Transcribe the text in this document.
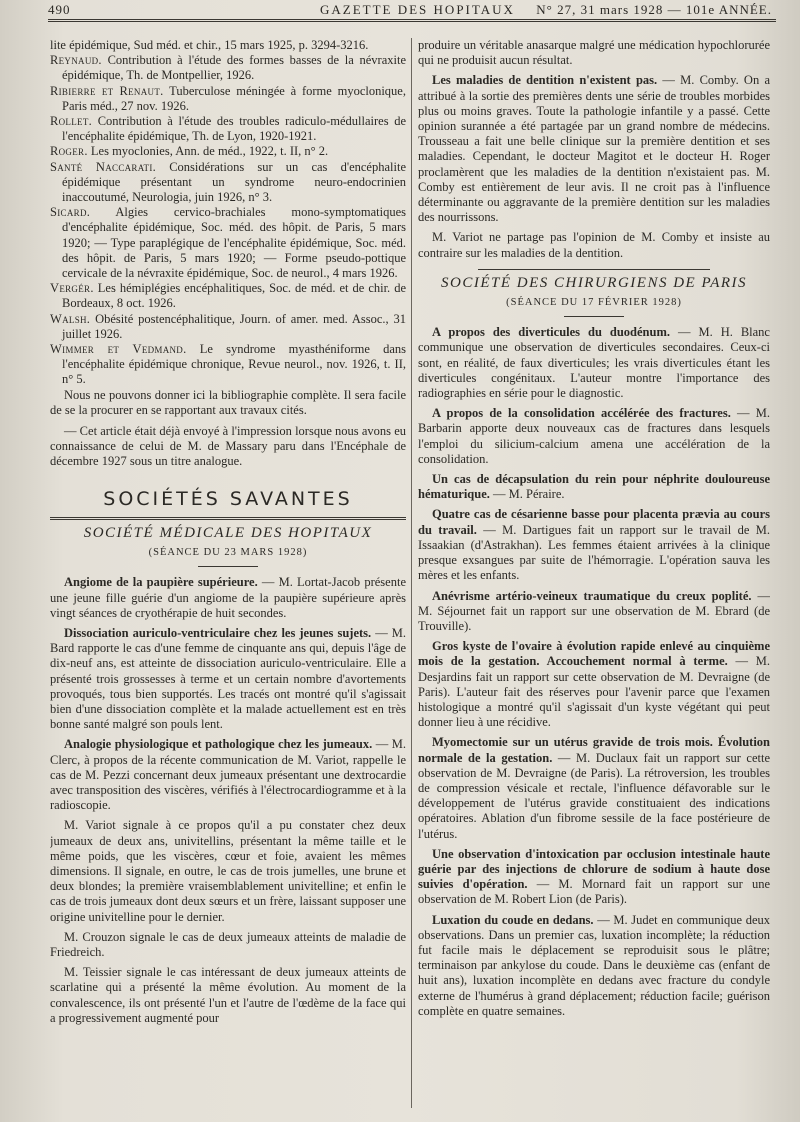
490	GAZETTE DES HOPITAUX N° 27, 31 mars 1928 — 101e ANNÉE.

lite épidémique, Sud méd. et chir., 15 mars 1925, p. 3294-3216.

Reynaud. Contribution à l'étude des formes basses de la névraxite épidémique, Th. de Montpellier, 1926.

Ribierre et Renaut. Tuberculose méningée à forme myoclonique, Paris méd., 27 nov. 1926.

Rollet. Contribution à l'étude des troubles radiculo-médullaires de l'encéphalite épidémique, Th. de Lyon, 1920-1921.

Roger. Les myoclonies, Ann. de méd., 1922, t. II, n° 2.

Santé Naccarati. Considérations sur un cas d'encéphalite épidémique présentant un syndrome neuro-endocrinien inaccoutumé, Neurologia, juin 1926, n° 3.

Sicard. Algies cervico-brachiales mono-symptomatiques d'encéphalite épidémique, Soc. méd. des hôpit. de Paris, 5 mars 1920; — Type paraplégique de l'encéphalite épidémique, Soc. méd. des hôpit. de Paris, 5 mars 1920; — Forme pseudo-pottique cervicale de la névraxite épidémique, Soc. de neurol., 4 mars 1926.

Vergér. Les hémiplégies encéphalitiques, Soc. de méd. et de chir. de Bordeaux, 8 oct. 1926.

Walsh. Obésité postencéphalitique, Journ. of amer. med. Assoc., 31 juillet 1926.

Wimmer et Vedmand. Le syndrome myasthéniforme dans l'encéphalite épidémique chronique, Revue neurol., nov. 1926, t. II, n° 5.

Nous ne pouvons donner ici la bibliographie complète. Il sera facile de se la procurer en se rapportant aux travaux cités.

— Cet article était déjà envoyé à l'impression lorsque nous avons eu connaissance de celui de M. de Massary paru dans l'Encéphale de décembre 1927 sous un titre analogue.

SOCIÉTÉS SAVANTES
SOCIÉTÉ MÉDICALE DES HOPITAUX
(SÉANCE DU 23 MARS 1928)

Angiome de la paupière supérieure. — M. Lortat-Jacob présente une jeune fille guérie d'un angiome de la paupière supérieure après vingt séances de cryothérapie de huit secondes.

Dissociation auriculo-ventriculaire chez les jeunes sujets. — M. Bard rapporte le cas d'une femme de cinquante ans qui, depuis l'âge de dix-neuf ans, est atteinte de dissociation auriculo-ventriculaire. Elle a présenté trois grossesses à terme et un certain nombre d'avortements provoqués, tous bien supportés. Les tracés ont montré qu'il s'agissait bien d'une dissociation complète et la malade actuellement est en très bonne santé malgré son pouls lent.

Analogie physiologique et pathologique chez les jumeaux. — M. Clerc, à propos de la récente communication de M. Variot, rappelle le cas de M. Pezzi concernant deux jumeaux présentant une dextrocardie avec transposition des viscères, vérifiés à l'électrocardiogramme et à la radioscopie.

M. Variot signale à ce propos qu'il a pu constater chez deux jumeaux de deux ans, univitellins, présentant la même taille et le même poids, que les viscères, cœur et foie, avaient les mêmes dimensions. Il signale, en outre, le cas de trois jumelles, une brune et deux blondes; la première vraisemblablement univitelline; et enfin le cas de trois jumeaux dont deux sœurs et un frère, laissant supposer une origine univitelline pour le dernier.

M. Crouzon signale le cas de deux jumeaux atteints de maladie de Friedreich.

M. Teissier signale le cas intéressant de deux jumeaux atteints de scarlatine qui a présenté la même évolution. Au moment de la convalescence, ils ont présenté l'un et l'autre de l'œdème de la face qui a progressivement augmenté pour

produire un véritable anasarque malgré une médication hypochlorurée qui ne produisit aucun résultat.

Les maladies de dentition n'existent pas. — M. Comby. On a attribué à la sortie des premières dents une série de troubles morbides plus ou moins graves. Toute la pathologie infantile y a passé. Cette opinion surannée a été partagée par un grand nombre de médecins. Trousseau a fait une belle clinique sur la première dentition et ses maladies. Cependant, le docteur Magitot et le docteur H. Roger proclamèrent que les maladies de la dentition n'existaient pas. M. Comby est entièrement de leur avis. Il ne croit pas à l'influence déterminante ou aggravante de la première dentition sur les maladies des nourrissons.

M. Variot ne partage pas l'opinion de M. Comby et insiste au contraire sur les maladies de la dentition.

SOCIÉTÉ DES CHIRURGIENS DE PARIS
(SÉANCE DU 17 FÉVRIER 1928)

A propos des diverticules du duodénum. — M. H. Blanc communique une observation de diverticules secondaires. Ceux-ci sont, en réalité, de faux diverticules; les vrais diverticules étant les diverticules congénitaux. L'auteur montre l'importance des radiographies en série pour le diagnostic.

A propos de la consolidation accélérée des fractures. — M. Barbarin apporte deux nouveaux cas de fractures dans lesquels l'emploi du silicium-calcium amena une accélération de la consolidation.

Un cas de décapsulation du rein pour néphrite douloureuse hématurique. — M. Péraire.

Quatre cas de césarienne basse pour placenta prævia au cours du travail. — M. Dartigues fait un rapport sur le travail de M. Issaakian (d'Astrakhan). Les femmes étaient arrivées à la clinique presque exsangues par suite de l'hémorragie. L'opération sauva les mères et les enfants.

Anévrisme artério-veineux traumatique du creux poplité. — M. Séjournet fait un rapport sur une observation de M. Ebrard (de Trouville).

Gros kyste de l'ovaire à évolution rapide enlevé au cinquième mois de la gestation. Accouchement normal à terme. — M. Desjardins fait un rapport sur cette observation de M. Devraigne (de Paris). L'auteur fait des réserves pour l'avenir parce que l'examen histologique a montré qu'il s'agissait d'un kyste végétant qui peut donner lieu à une récidive.

Myomectomie sur un utérus gravide de trois mois. Évolution normale de la gestation. — M. Duclaux fait un rapport sur cette observation de M. Devraigne (de Paris). La rétroversion, les troubles de compression vésicale et rectale, l'influence défavorable sur le développement de l'utérus gravide constituaient des indications opératoires. Ablation d'un fibrome sessile de la face postérieure de l'utérus.

Une observation d'intoxication par occlusion intestinale haute guérie par des injections de chlorure de sodium à haute dose suivies d'opération. — M. Mornard fait un rapport sur une observation de M. Robert Lion (de Paris).

Luxation du coude en dedans. — M. Judet en communique deux observations. Dans un premier cas, luxation incomplète; la réduction fut facile mais le déplacement se reproduisit sous le plâtre; terminaison par ankylose du coude. Dans le deuxième cas (enfant de huit ans), luxation incomplète en dedans avec fracture du condyle externe de l'humérus à grand déplacement; réduction facile; guérison complète en quatre semaines.
